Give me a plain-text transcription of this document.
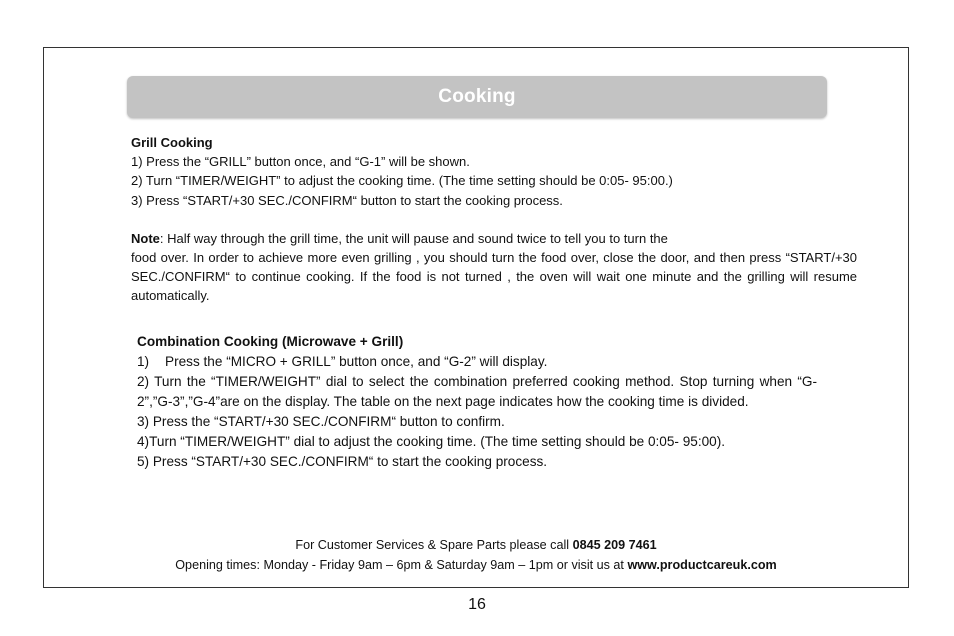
Cooking

Grill Cooking

1) Press the “GRILL” button once, and “G-1” will be shown.

2) Turn “TIMER/WEIGHT” to adjust the cooking time. (The time setting should be 0:05- 95:00.)

3) Press “START/+30 SEC./CONFIRM“ button to start the cooking process.

Note: Half way through the grill time, the unit will pause and sound twice to tell you to turn the

food over. In order to achieve more even grilling , you should turn the food over, close the door, and then press “START/+30 SEC./CONFIRM“ to continue cooking. If the food is not turned , the oven will wait one minute and the grilling will resume automatically.

Combination Cooking (Microwave + Grill)

1) Press the “MICRO + GRILL” button once, and “G-2” will display.

2) Turn the “TIMER/WEIGHT” dial to select the combination preferred cooking method. Stop turning when “G-2”,”G-3”,”G-4”are on the display. The table on the next page indicates how the cooking time is divided.

3) Press the “START/+30 SEC./CONFIRM“ button to confirm.

4)Turn “TIMER/WEIGHT” dial to adjust the cooking time. (The time setting should be 0:05- 95:00).

5) Press “START/+30 SEC./CONFIRM“ to start the cooking process.

For Customer Services & Spare Parts please call 0845 209 7461

Opening times: Monday - Friday 9am – 6pm & Saturday 9am – 1pm or visit us at www.productcareuk.com

16
